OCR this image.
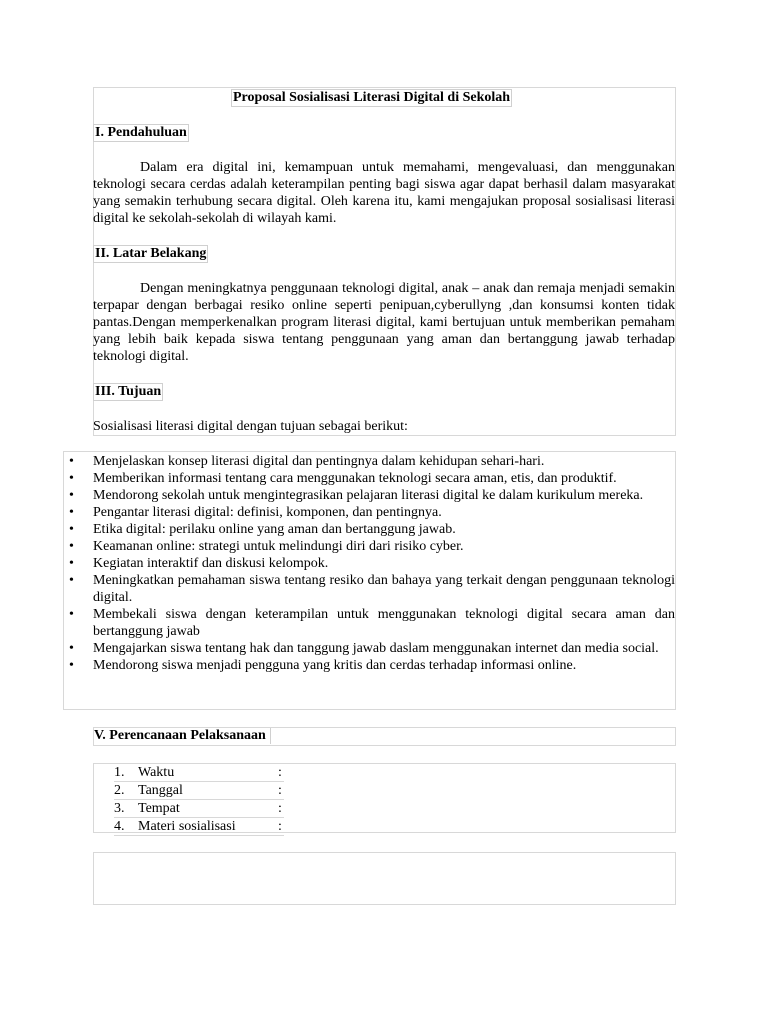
Proposal Sosialisasi Literasi Digital di Sekolah
I. Pendahuluan

Dalam era digital ini, kemampuan untuk memahami, mengevaluasi, dan menggunakan teknologi secara cerdas adalah keterampilan penting bagi siswa agar dapat berhasil dalam masyarakat yang semakin terhubung secara digital. Oleh karena itu, kami mengajukan proposal sosialisasi literasi digital ke sekolah-sekolah di wilayah kami.

II. Latar Belakang

Dengan meningkatnya penggunaan teknologi digital, anak – anak dan remaja menjadi semakin terpapar dengan berbagai resiko online seperti penipuan,cyberullyng ,dan konsumsi konten tidak pantas.Dengan memperkenalkan program literasi digital, kami bertujuan untuk memberikan pemaham yang lebih baik kepada siswa tentang penggunaan yang aman dan bertanggung jawab terhadap teknologi digital.

III. Tujuan
Sosialisasi literasi digital dengan tujuan sebagai berikut:
• Menjelaskan konsep literasi digital dan pentingnya dalam kehidupan sehari-hari.
• Memberikan informasi tentang cara menggunakan teknologi secara aman, etis, dan produktif.
• Mendorong sekolah untuk mengintegrasikan pelajaran literasi digital ke dalam kurikulum mereka.
• Pengantar literasi digital: definisi, komponen, dan pentingnya.
• Etika digital: perilaku online yang aman dan bertanggung jawab.
• Keamanan online: strategi untuk melindungi diri dari risiko cyber.
• Kegiatan interaktif dan diskusi kelompok.
• Meningkatkan pemahaman siswa tentang resiko dan bahaya yang terkait dengan penggunaan teknologi digital.
• Membekali siswa dengan keterampilan untuk menggunakan teknologi digital secara aman dan bertanggung jawab
• Mengajarkan siswa tentang hak dan tanggung jawab daslam menggunakan internet dan media social.
• Mendorong siswa menjadi pengguna yang kritis dan cerdas terhadap informasi online.
V. Perencanaan Pelaksanaan
1. Waktu	:
2. Tanggal	:
3. Tempat	:
4. Materi sosialisasi	:
